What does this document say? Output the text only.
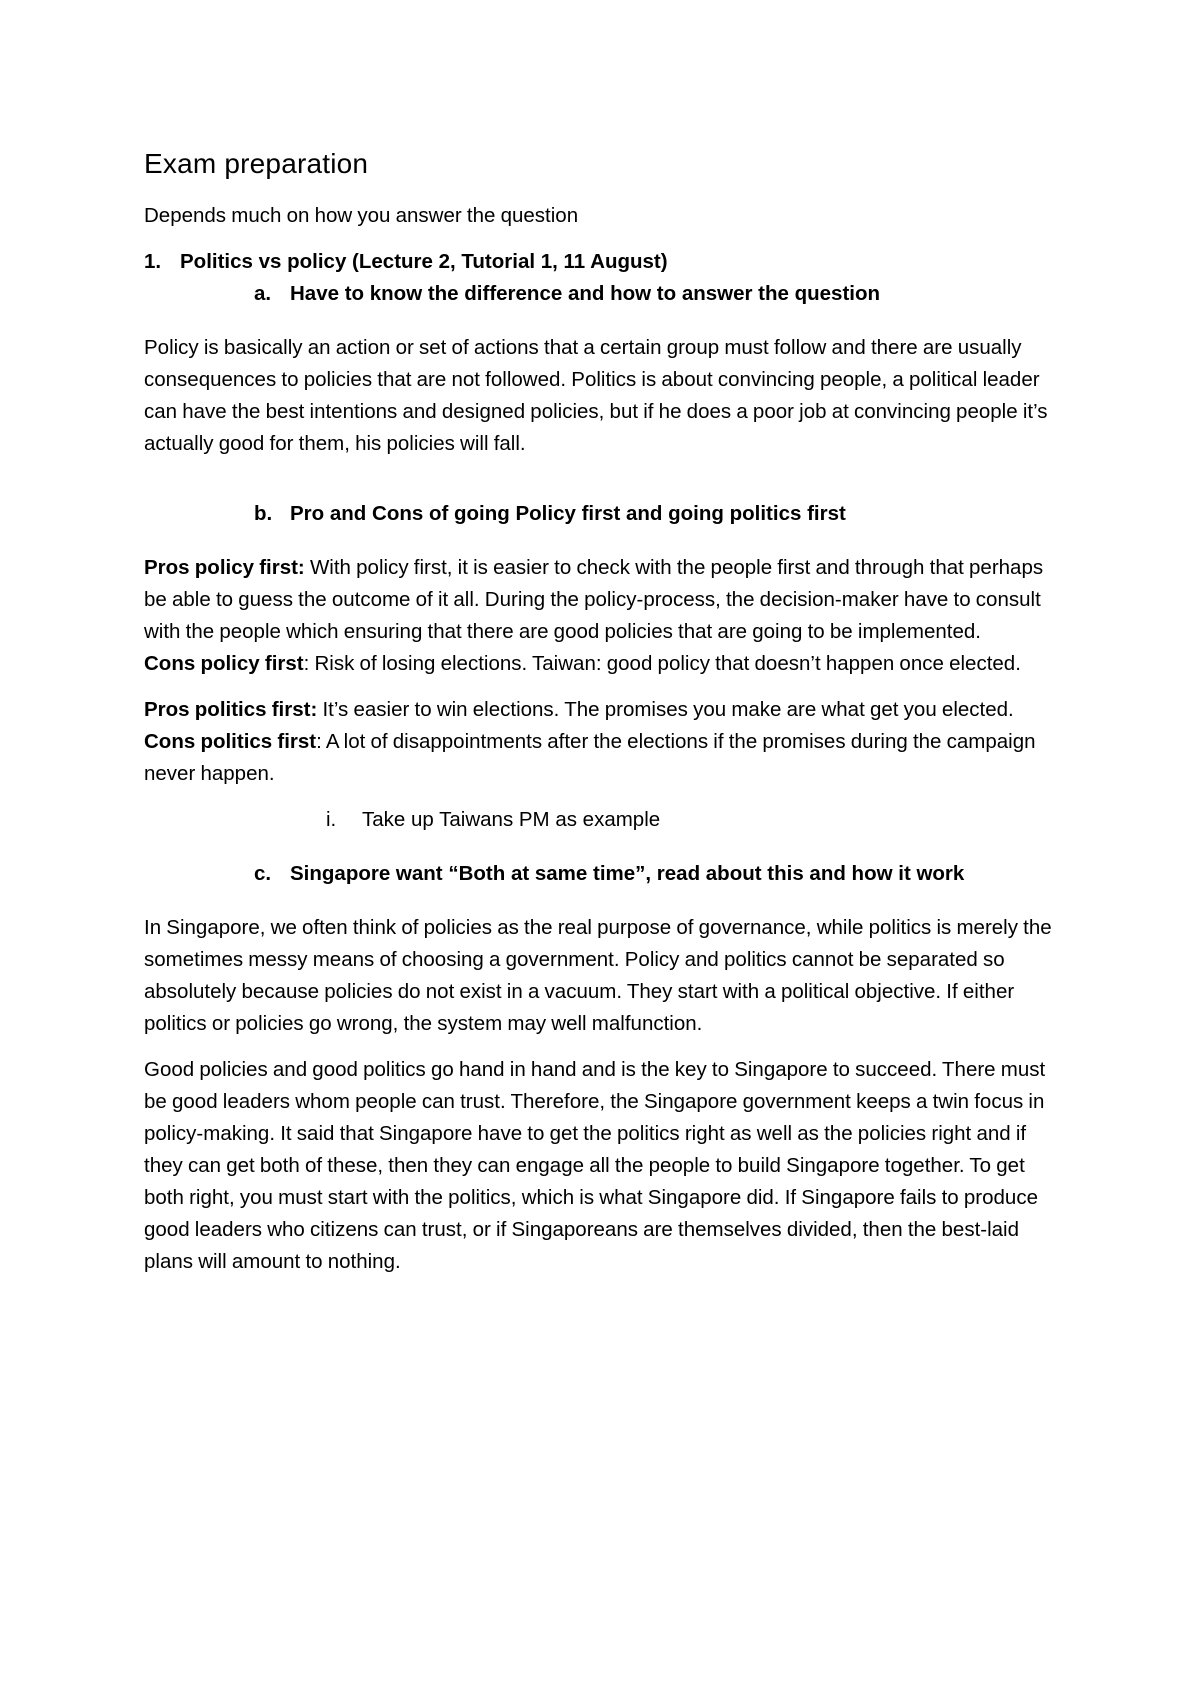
Exam preparation

Depends much on how you answer the question

1. Politics vs policy (Lecture 2, Tutorial 1, 11 August)
a. Have to know the difference and how to answer the question

Policy is basically an action or set of actions that a certain group must follow and there are usually consequences to policies that are not followed. Politics is about convincing people, a political leader can have the best intentions and designed policies, but if he does a poor job at convincing people it’s actually good for them, his policies will fall.

b. Pro and Cons of going Policy first and going politics first

Pros policy first: With policy first, it is easier to check with the people first and through that perhaps be able to guess the outcome of it all. During the policy-process, the decision-maker have to consult with the people which ensuring that there are good policies that are going to be implemented.

Cons policy first: Risk of losing elections. Taiwan: good policy that doesn’t happen once elected.

Pros politics first: It’s easier to win elections. The promises you make are what get you elected.

Cons politics first: A lot of disappointments after the elections if the promises during the campaign never happen.

i. Take up Taiwans PM as example
c. Singapore want “Both at same time”, read about this and how it work

In Singapore, we often think of policies as the real purpose of governance, while politics is merely the sometimes messy means of choosing a government. Policy and politics cannot be separated so absolutely because policies do not exist in a vacuum. They start with a political objective. If either politics or policies go wrong, the system may well malfunction.

Good policies and good politics go hand in hand and is the key to Singapore to succeed. There must be good leaders whom people can trust. Therefore, the Singapore government keeps a twin focus in policy-making. It said that Singapore have to get the politics right as well as the policies right and if they can get both of these, then they can engage all the people to build Singapore together. To get both right, you must start with the politics, which is what Singapore did. If Singapore fails to produce good leaders who citizens can trust, or if Singaporeans are themselves divided, then the best-laid plans will amount to nothing.
